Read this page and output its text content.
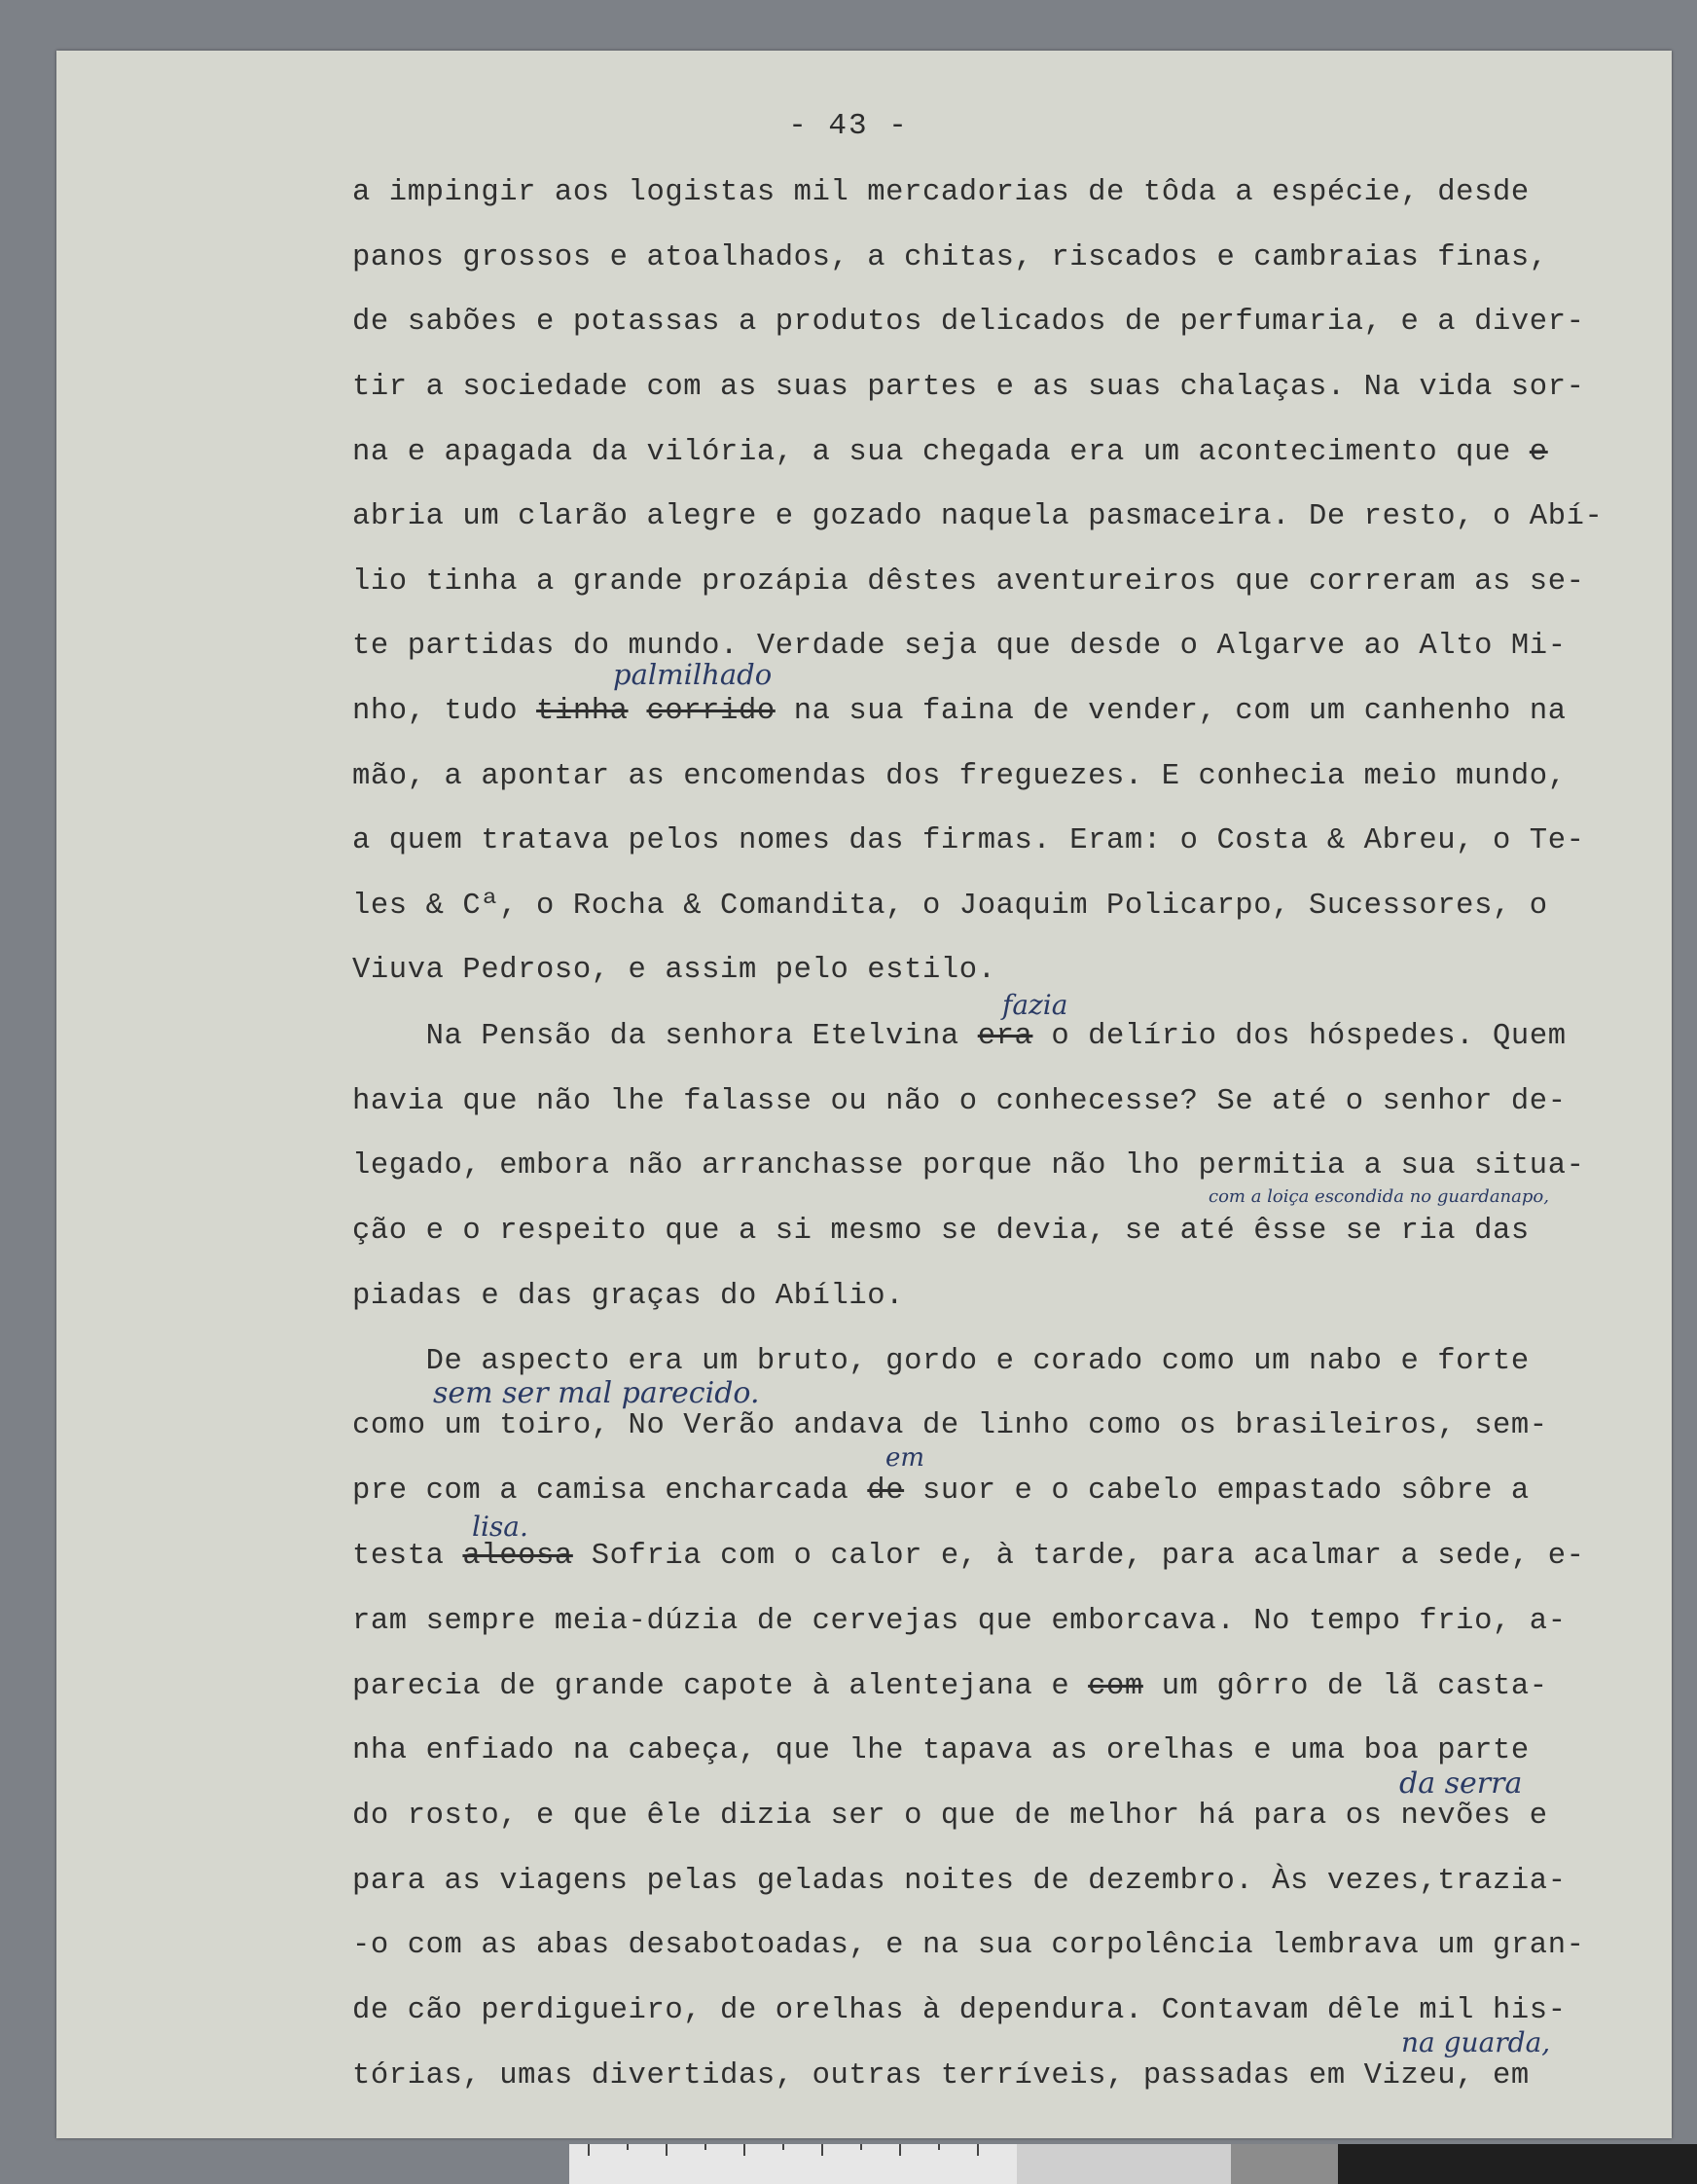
- 43 -
a impingir aos logistas mil mercadorias de tôda a espécie, desde
panos grossos e atoalhados, a chitas, riscados e cambraias finas,
de sabões e potassas a produtos delicados de perfumaria, e a diver-
tir a sociedade com as suas partes e as suas chalaças. Na vida sor-
na e apagada da vilória, a sua chegada era um acontecimento que e
abria um clarão alegre e gozado naquela pasmaceira. De resto, o Abí-
lio tinha a grande prozápia dêstes aventureiros que correram as se-
te partidas do mundo. Verdade seja que desde o Algarve ao Alto Mi-
nho, tudo tinha corrido na sua faina de vender, com um canhenho na
palmilhado
mão, a apontar as encomendas dos freguezes. E conhecia meio mundo,
a quem tratava pelos nomes das firmas. Eram: o Costa & Abreu, o Te-
les & Cª, o Rocha & Comandita, o Joaquim Policarpo, Sucessores, o
Viuva Pedroso, e assim pelo estilo.
Na Pensão da senhora Etelvina era o delírio dos hóspedes. Quem
fazia
havia que não lhe falasse ou não o conhecesse? Se até o senhor de-
legado, embora não arranchasse porque não lho permitia a sua situa-
com a loiça escondida no guardanapo,
ção e o respeito que a si mesmo se devia, se até êsse se ria das
piadas e das graças do Abílio.
De aspecto era um bruto, gordo e corado como um nabo e forte
sem ser mal parecido.
como um toiro, No Verão andava de linho como os brasileiros, sem-
pre com a camisa encharcada de suor e o cabelo empastado sôbre a
em
testa aleosa Sofria com o calor e, à tarde, para acalmar a sede, e-
lisa.
ram sempre meia-dúzia de cervejas que emborcava. No tempo frio, a-
parecia de grande capote à alentejana e com um gôrro de lã casta-
nha enfiado na cabeça, que lhe tapava as orelhas e uma boa parte
da serra
do rosto, e que êle dizia ser o que de melhor há para os nevões e
para as viagens pelas geladas noites de dezembro. Às vezes,trazia-
-o com as abas desabotoadas, e na sua corpolência lembrava um gran-
de cão perdigueiro, de orelhas à dependura. Contavam dêle mil his-
na guarda,
tórias, umas divertidas, outras terríveis, passadas em Vizeu, em
